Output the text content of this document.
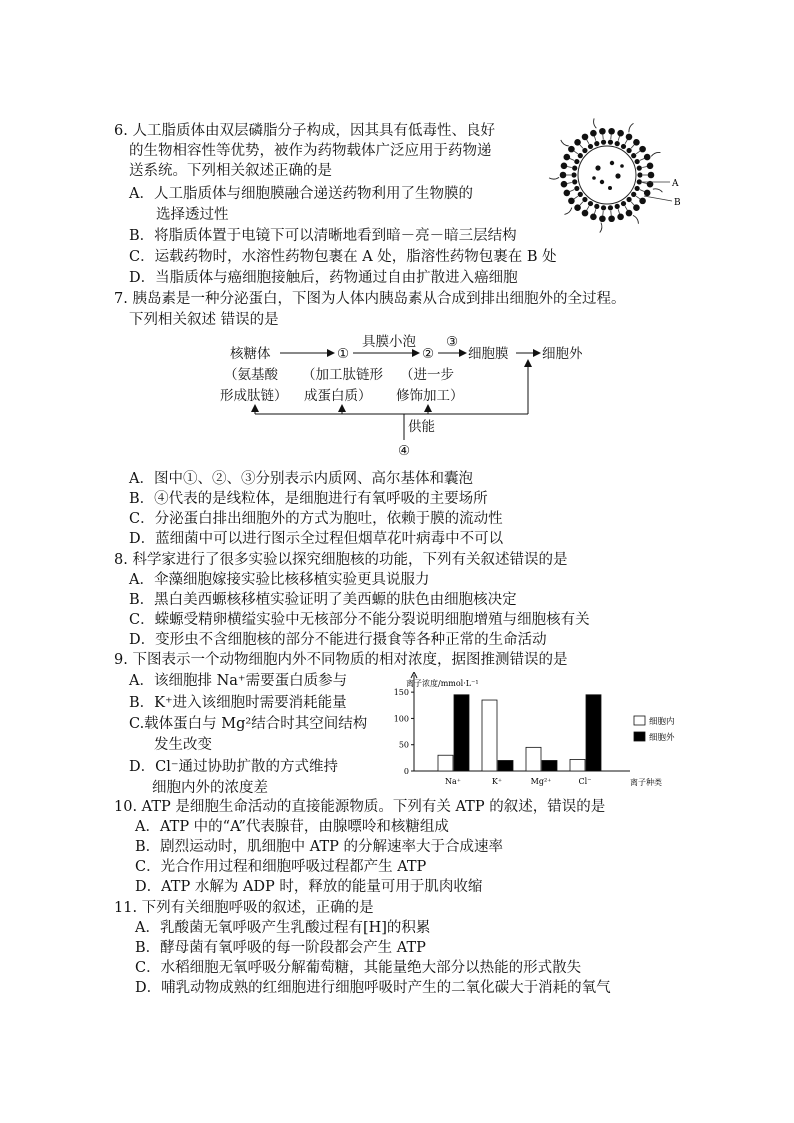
6. 人工脂质体由双层磷脂分子构成，因其具有低毒性、良好
的生物相容性等优势，被作为药物载体广泛应用于药物递
送系统。下列相关叙述正确的是
A．人工脂质体与细胞膜融合递送药物利用了生物膜的
选择透过性
B．将脂质体置于电镜下可以清晰地看到暗－亮－暗三层结构
C．运载药物时，水溶性药物包裹在 A 处，脂溶性药物包裹在 B 处
D．当脂质体与癌细胞接触后，药物通过自由扩散进入癌细胞
A
B
7. 胰岛素是一种分泌蛋白，下图为人体内胰岛素从合成到排出细胞外的全过程。
下列相关叙述 错误的是
核糖体
（氨基酸
形成肽链）
①
（加工肽链形
成蛋白质）
具膜小泡
②
③
（进一步
修饰加工）
细胞膜 细胞外
供能
④
A．图中①、②、③分别表示内质网、高尔基体和囊泡
B．④代表的是线粒体，是细胞进行有氧呼吸的主要场所
C．分泌蛋白排出细胞外的方式为胞吐，依赖于膜的流动性
D．蓝细菌中可以进行图示全过程但烟草花叶病毒中不可以
8. 科学家进行了很多实验以探究细胞核的功能，下列有关叙述错误的是
A．伞藻细胞嫁接实验比核移植实验更具说服力
B．黑白美西螈核移植实验证明了美西螈的肤色由细胞核决定
C．蝾螈受精卵横缢实验中无核部分不能分裂说明细胞增殖与细胞核有关
D．变形虫不含细胞核的部分不能进行摄食等各种正常的生命活动
9. 下图表示一个动物细胞内外不同物质的相对浓度，据图推测错误的是
A．该细胞排 Na⁺需要蛋白质参与
B．K⁺进入该细胞时需要消耗能量
C.载体蛋白与 Mg²结合时其空间结构
发生改变
D．Cl⁻通过协助扩散的方式维持
细胞内外的浓度差
离子浓度/mmol·L⁻¹
离子种类
0
50
100
150
Na⁺	K⁺	Mg²⁺	Cl⁻
细胞内
细胞外
10. ATP 是细胞生命活动的直接能源物质。下列有关 ATP 的叙述，错误的是
A．ATP 中的“A”代表腺苷，由腺嘌呤和核糖组成
B．剧烈运动时，肌细胞中 ATP 的分解速率大于合成速率
C．光合作用过程和细胞呼吸过程都产生 ATP
D．ATP 水解为 ADP 时，释放的能量可用于肌肉收缩
11. 下列有关细胞呼吸的叙述，正确的是
A．乳酸菌无氧呼吸产生乳酸过程有[H]的积累
B．酵母菌有氧呼吸的每一阶段都会产生 ATP
C．水稻细胞无氧呼吸分解葡萄糖，其能量绝大部分以热能的形式散失
D．哺乳动物成熟的红细胞进行细胞呼吸时产生的二氧化碳大于消耗的氧气
